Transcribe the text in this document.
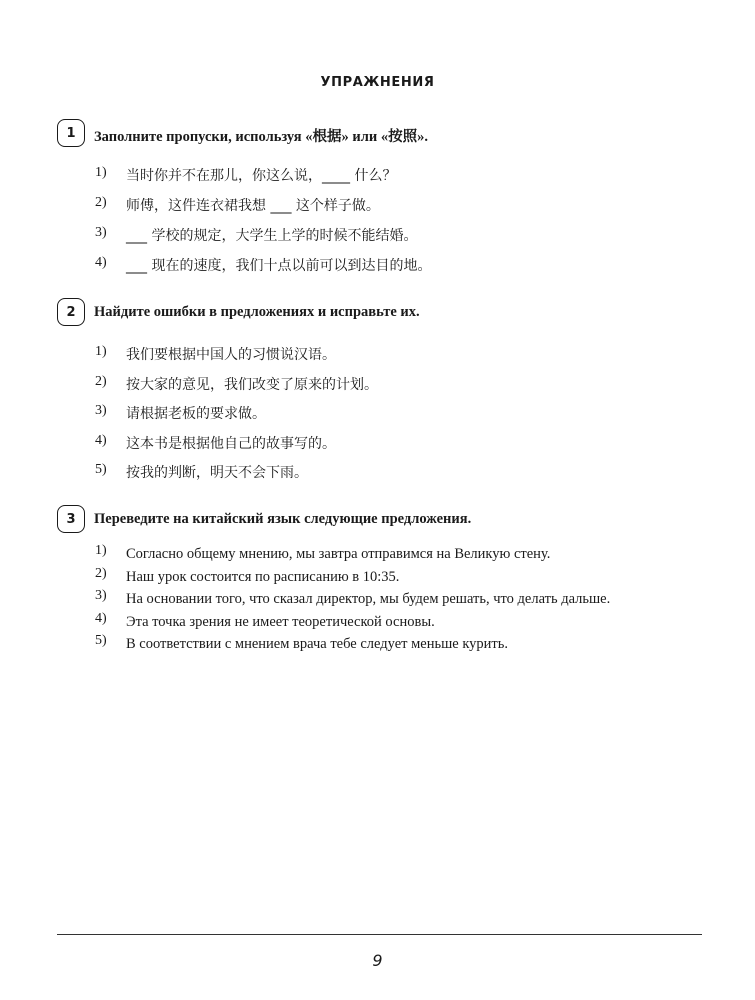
УПРАЖНЕНИЯ
1	Заполните пропуски, используя «根据» или «按照».
1) 当时你并不在那儿，你这么说，____ 什么？
2) 师傅，这件连衣裙我想 ___ 这个样子做。
3) ___ 学校的规定，大学生上学的时候不能结婚。
4) ___ 现在的速度，我们十点以前可以到达目的地。
2	Найдите ошибки в предложениях и исправьте их.
1) 我们要根据中国人的习惯说汉语。
2) 按大家的意见，我们改变了原来的计划。
3) 请根据老板的要求做。
4) 这本书是根据他自己的故事写的。
5) 按我的判断，明天不会下雨。
3	Переведите на китайский язык следующие предложения.
1) Согласно общему мнению, мы завтра отправимся на Великую стену.
2) Наш урок состоится по расписанию в 10:35.
3) На основании того, что сказал директор, мы будем решать, что делать дальше.
4) Эта точка зрения не имеет теоретической основы.
5) В соответствии с мнением врача тебе следует меньше курить.
9
